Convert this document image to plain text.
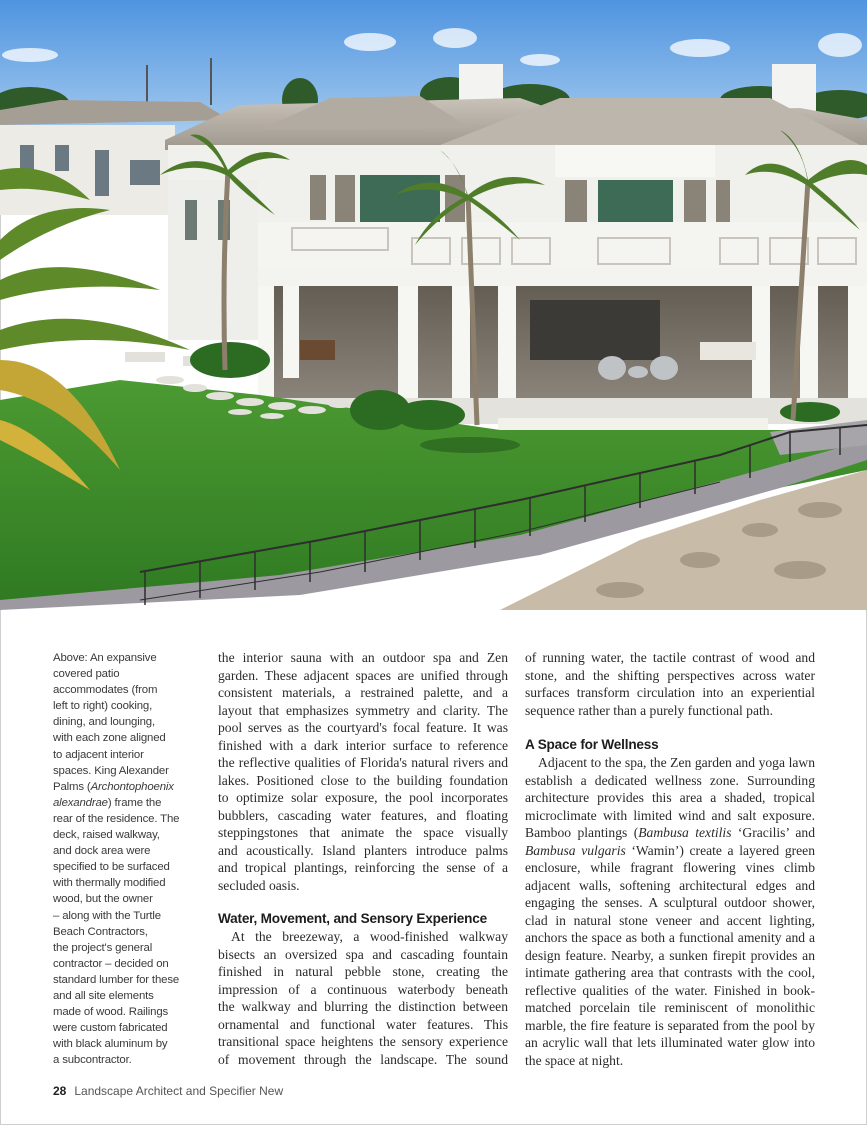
Above: An expansive
covered patio
accommodates (from
left to right) cooking,
dining, and lounging,
with each zone aligned
to adjacent interior
spaces. King Alexander
Palms (Archontophoenix
alexandrae) frame the
rear of the residence. The
deck, raised walkway,
and dock area were
specified to be surfaced
with thermally modified
wood, but the owner
– along with the Turtle
Beach Contractors,
the project's general
contractor – decided on
standard lumber for these
and all site elements
made of wood. Railings
were custom fabricated
with black aluminum by
a subcontractor.

the interior sauna with an outdoor spa and Zen
garden. These adjacent spaces are unified through
consistent materials, a restrained palette, and a
layout that emphasizes symmetry and clarity. The
pool serves as the courtyard's focal feature. It was
finished with a dark interior surface to reference
the reflective qualities of Florida's natural rivers and
lakes. Positioned close to the building foundation
to optimize solar exposure, the pool incorporates
bubblers, cascading water features, and floating
steppingstones that animate the space visually
and acoustically. Island planters introduce palms
and tropical plantings, reinforcing the sense of a
secluded oasis.

Water, Movement, and Sensory Experience

At the breezeway, a wood-finished walkway
bisects an oversized spa and cascading fountain
finished in natural pebble stone, creating the
impression of a continuous waterbody beneath
the walkway and blurring the distinction between
ornamental and functional water features. This
transitional space heightens the sensory experience
of movement through the landscape. The sound

of running water, the tactile contrast of wood and
stone, and the shifting perspectives across water
surfaces transform circulation into an experiential
sequence rather than a purely functional path.

A Space for Wellness

Adjacent to the spa, the Zen garden and yoga lawn
establish a dedicated wellness zone. Surrounding
architecture provides this area a shaded, tropical
microclimate with limited wind and salt exposure.
Bamboo plantings (Bambusa textilis ‘Gracilis’ and
Bambusa vulgaris ‘Wamin’) create a layered green
enclosure, while fragrant flowering vines climb
adjacent walls, softening architectural edges and
engaging the senses. A sculptural outdoor shower,
clad in natural stone veneer and accent lighting,
anchors the space as both a functional amenity and a
design feature. Nearby, a sunken firepit provides an
intimate gathering area that contrasts with the cool,
reflective qualities of the water. Finished in book-
matched porcelain tile reminiscent of monolithic
marble, the fire feature is separated from the pool by
an acrylic wall that lets illuminated water glow into
the space at night.

28 Landscape Architect and Specifier New
